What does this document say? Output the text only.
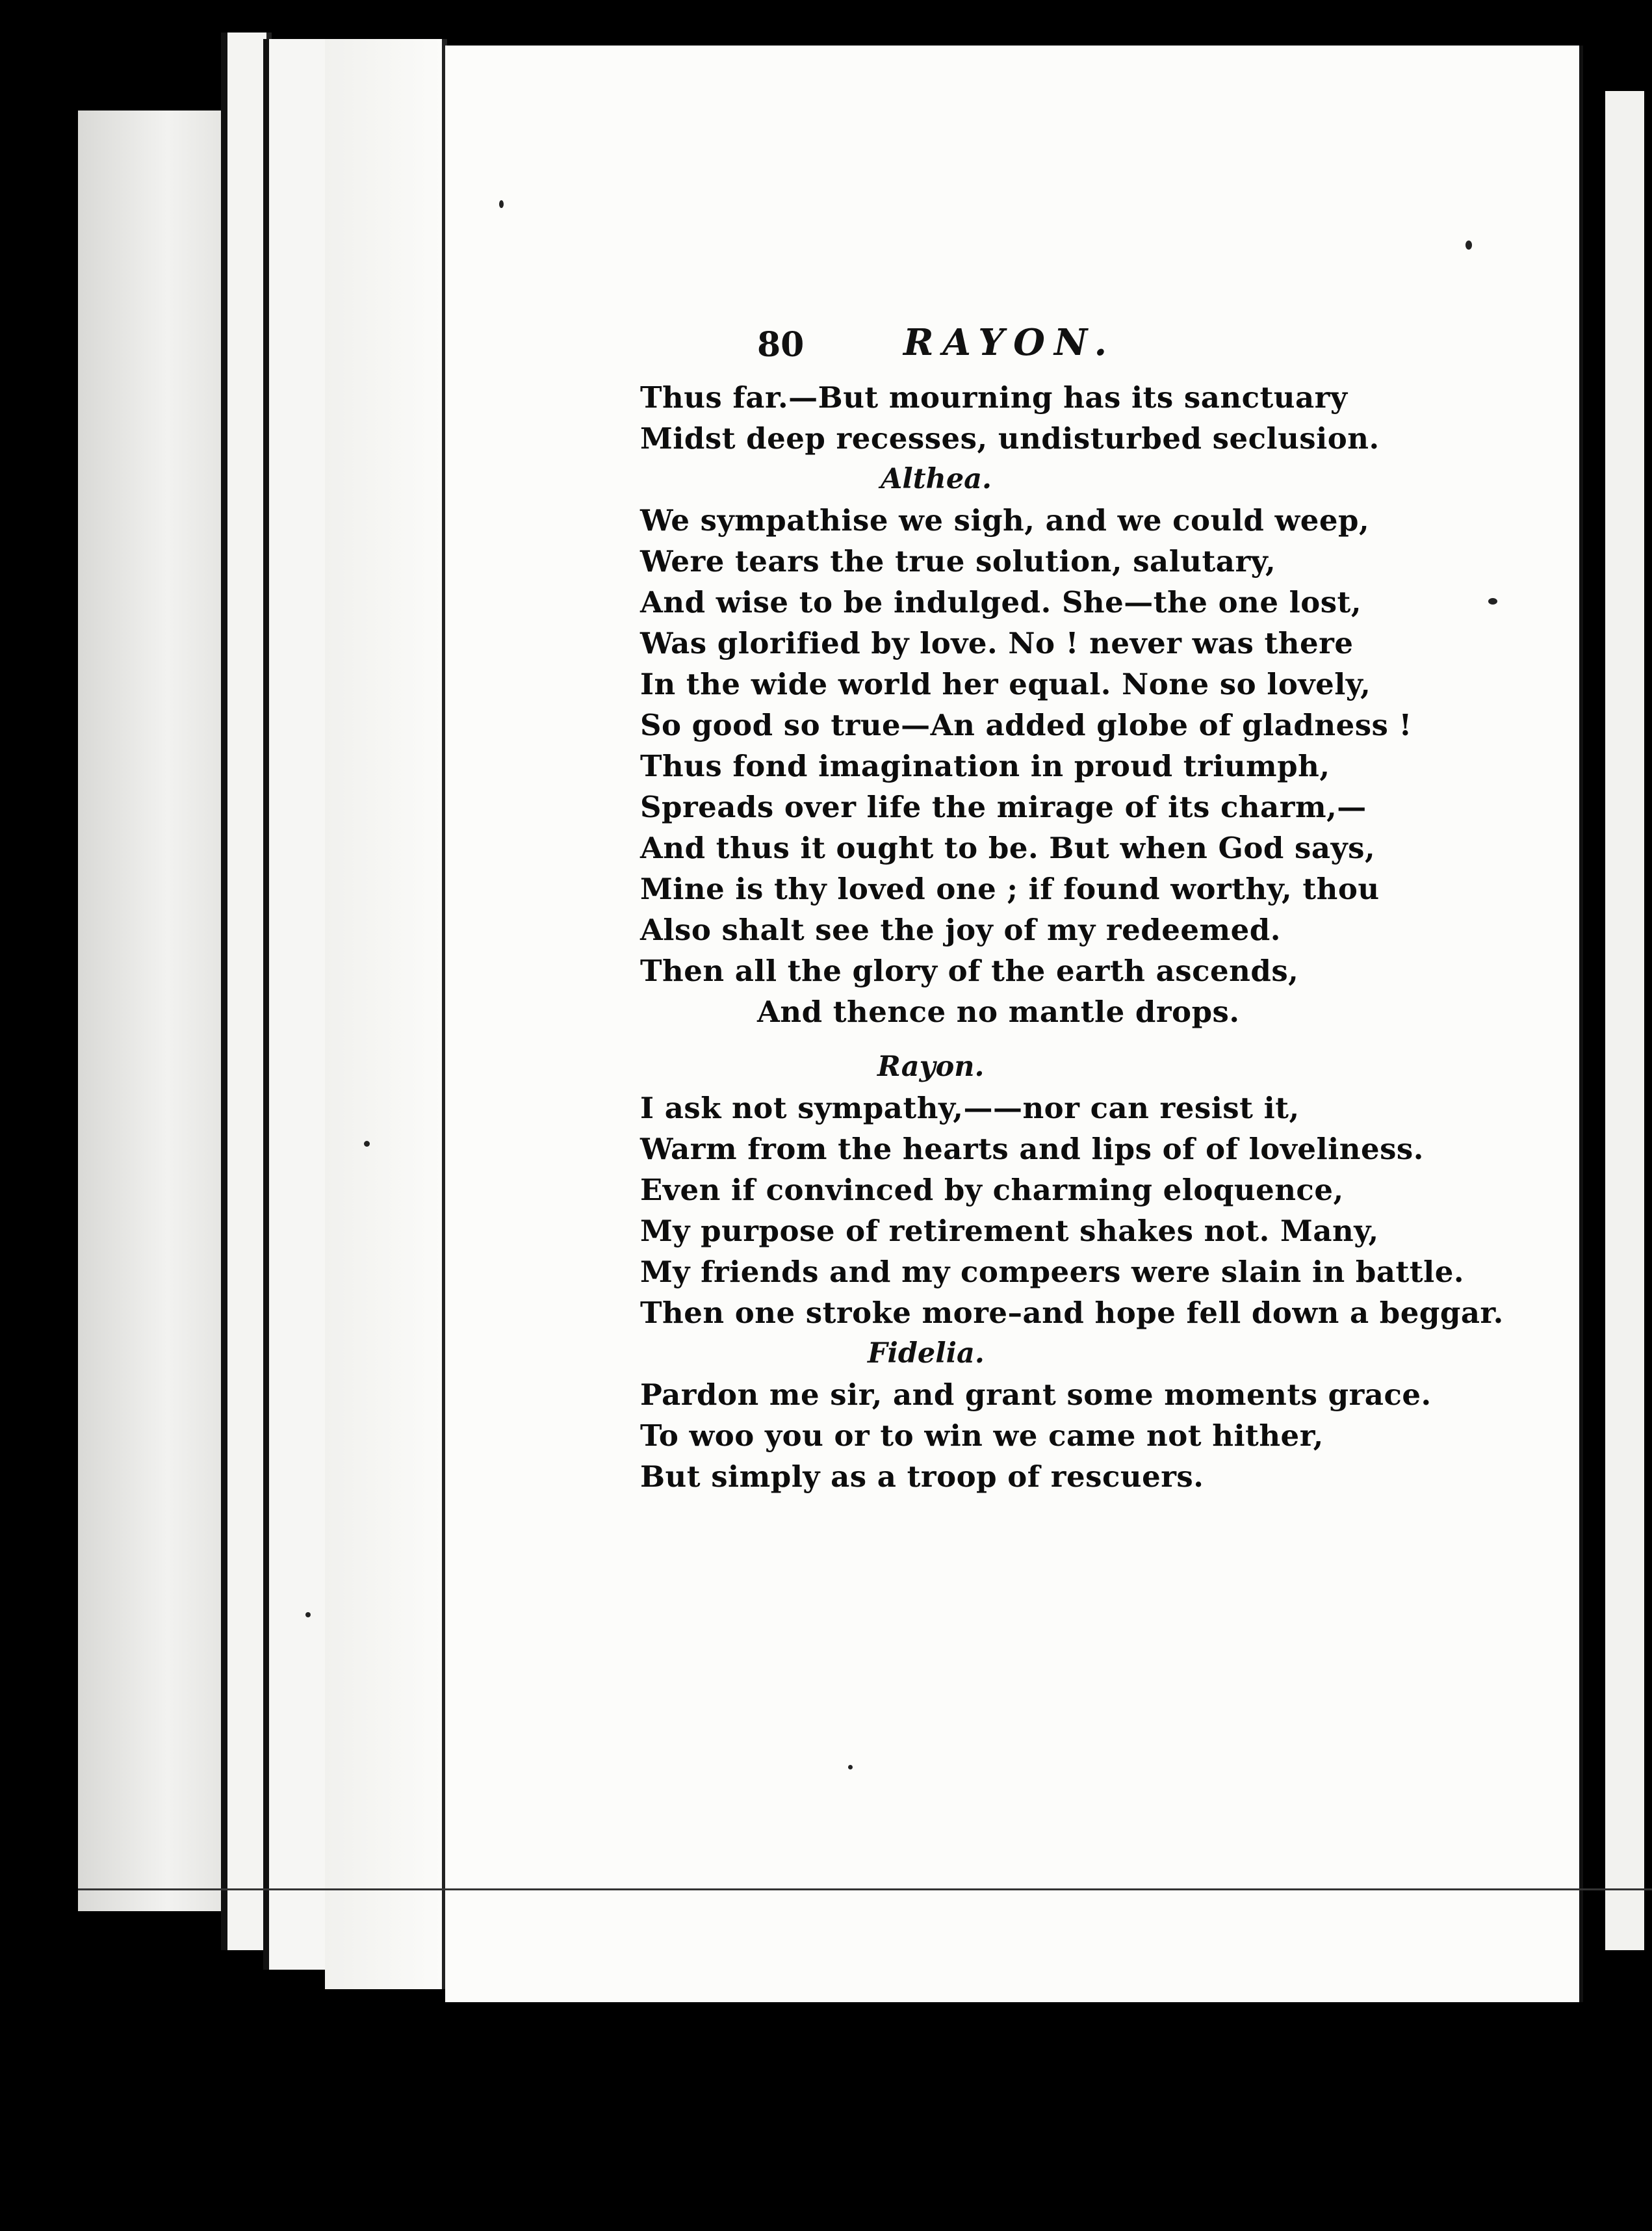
80	RAYON.
Thus far.—But mourning has its sanctuary
Midst deep recesses, undisturbed seclusion.
Althea.
We sympathise we sigh, and we could weep,
Were tears the true solution, salutary,
And wise to be indulged. She—the one lost,
Was glorified by love. No ! never was there
In the wide world her equal. None so lovely,
So good so true—An added globe of gladness !
Thus fond imagination in proud triumph,
Spreads over life the mirage of its charm,—
And thus it ought to be. But when God says,
Mine is thy loved one ; if found worthy, thou
Also shalt see the joy of my redeemed.
Then all the glory of the earth ascends,
And thence no mantle drops.
Rayon.
I ask not sympathy,——nor can resist it,
Warm from the hearts and lips of of loveliness.
Even if convinced by charming eloquence,
My purpose of retirement shakes not. Many,
My friends and my compeers were slain in battle.
Then one stroke more–and hope fell down a beggar.
Fidelia.
Pardon me sir, and grant some moments grace.
To woo you or to win we came not hither,
But simply as a troop of rescuers.
